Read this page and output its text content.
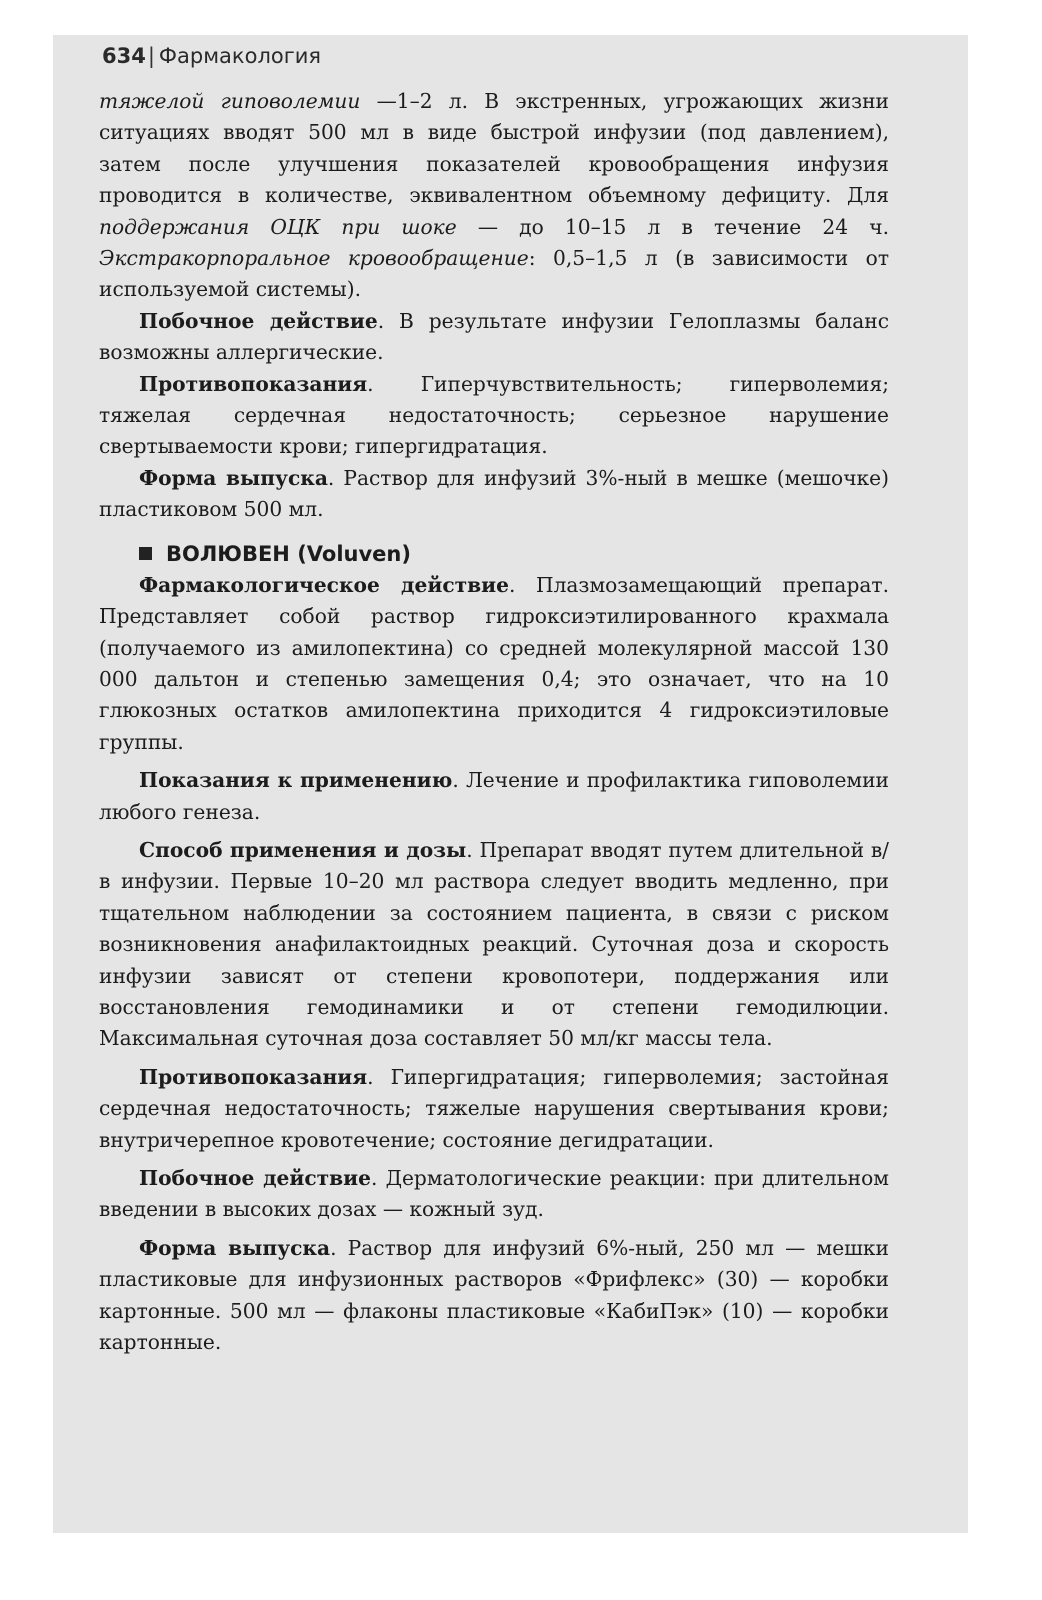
634| Фармакология

тяжелой гиповолемии —1–2 л. В экстренных, угрожающих жизни ситуациях вводят 500 мл в виде быстрой инфузии (под давлением), затем после улучшения показателей кровообращения инфузия проводится в количестве, эквивалентном объемному дефициту. Для поддержания ОЦК при шоке — до 10–15 л в течение 24 ч. Экстракорпоральное кровообращение: 0,5–1,5 л (в зависимости от используемой системы).

Побочное действие. В результате инфузии Гелоплазмы баланс возможны аллергические.

Противопоказания. Гиперчувствительность; гиперволемия; тяжелая сердечная недостаточность; серьезное нарушение свертываемости крови; гипергидратация.

Форма выпуска. Раствор для инфузий 3%-ный в мешке (мешочке) пластиковом 500 мл.

ВОЛЮВЕН (Voluven)

Фармакологическое действие. Плазмозамещающий препарат. Представляет собой раствор гидроксиэтилированного крахмала (получаемого из амилопектина) со средней молекулярной массой 130 000 дальтон и степенью замещения 0,4; это означает, что на 10 глюкозных остатков амилопектина приходится 4 гидроксиэтиловые группы.

Показания к применению. Лечение и профилактика гиповолемии любого генеза.

Способ применения и дозы. Препарат вводят путем длительной в/в инфузии. Первые 10–20 мл раствора следует вводить медленно, при тщательном наблюдении за состоянием пациента, в связи с риском возникновения анафилактоидных реакций. Суточная доза и скорость инфузии зависят от степени кровопотери, поддержания или восстановления гемодинамики и от степени гемодилюции. Максимальная суточная доза составляет 50 мл/кг массы тела.

Противопоказания. Гипергидратация; гиперволемия; застойная сердечная недостаточность; тяжелые нарушения свертывания крови; внутричерепное кровотечение; состояние дегидратации.

Побочное действие. Дерматологические реакции: при длительном введении в высоких дозах — кожный зуд.

Форма выпуска. Раствор для инфузий 6%-ный, 250 мл — мешки пластиковые для инфузионных растворов «Фрифлекс» (30) — коробки картонные. 500 мл — флаконы пластиковые «КабиПэк» (10) — коробки картонные.
